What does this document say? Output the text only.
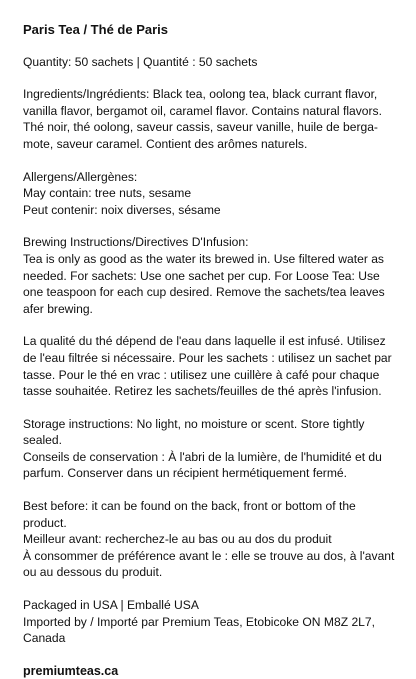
Paris Tea / Thé de Paris
Quantity: 50 sachets | Quantité : 50 sachets
Ingredients/Ingrédients: Black tea, oolong tea, black currant flavor,
vanilla flavor, bergamot oil, caramel flavor. Contains natural flavors.
Thé noir, thé oolong, saveur cassis, saveur vanille, huile de berga-
mote, saveur caramel. Contient des arômes naturels.
Allergens/Allergènes:
May contain: tree nuts, sesame
Peut contenir: noix diverses, sésame
Brewing Instructions/Directives D'Infusion:
Tea is only as good as the water its brewed in. Use filtered water as
needed. For sachets: Use one sachet per cup. For Loose Tea: Use
one teaspoon for each cup desired. Remove the sachets/tea leaves
afer brewing.
La qualité du thé dépend de l'eau dans laquelle il est infusé. Utilisez
de l'eau filtrée si nécessaire. Pour les sachets : utilisez un sachet par
tasse. Pour le thé en vrac : utilisez une cuillère à café pour chaque
tasse souhaitée. Retirez les sachets/feuilles de thé après l'infusion.
Storage instructions: No light, no moisture or scent. Store tightly
sealed.
Conseils de conservation : À l'abri de la lumière, de l'humidité et du
parfum. Conserver dans un récipient hermétiquement fermé.
Best before: it can be found on the back, front or bottom of the
product.
Meilleur avant: recherchez-le au bas ou au dos du produit
À consommer de préférence avant le : elle se trouve au dos, à l'avant
ou au dessous du produit.
Packaged in USA | Emballé USA
Imported by / Importé par Premium Teas, Etobicoke ON M8Z 2L7,
Canada
premiumteas.ca
